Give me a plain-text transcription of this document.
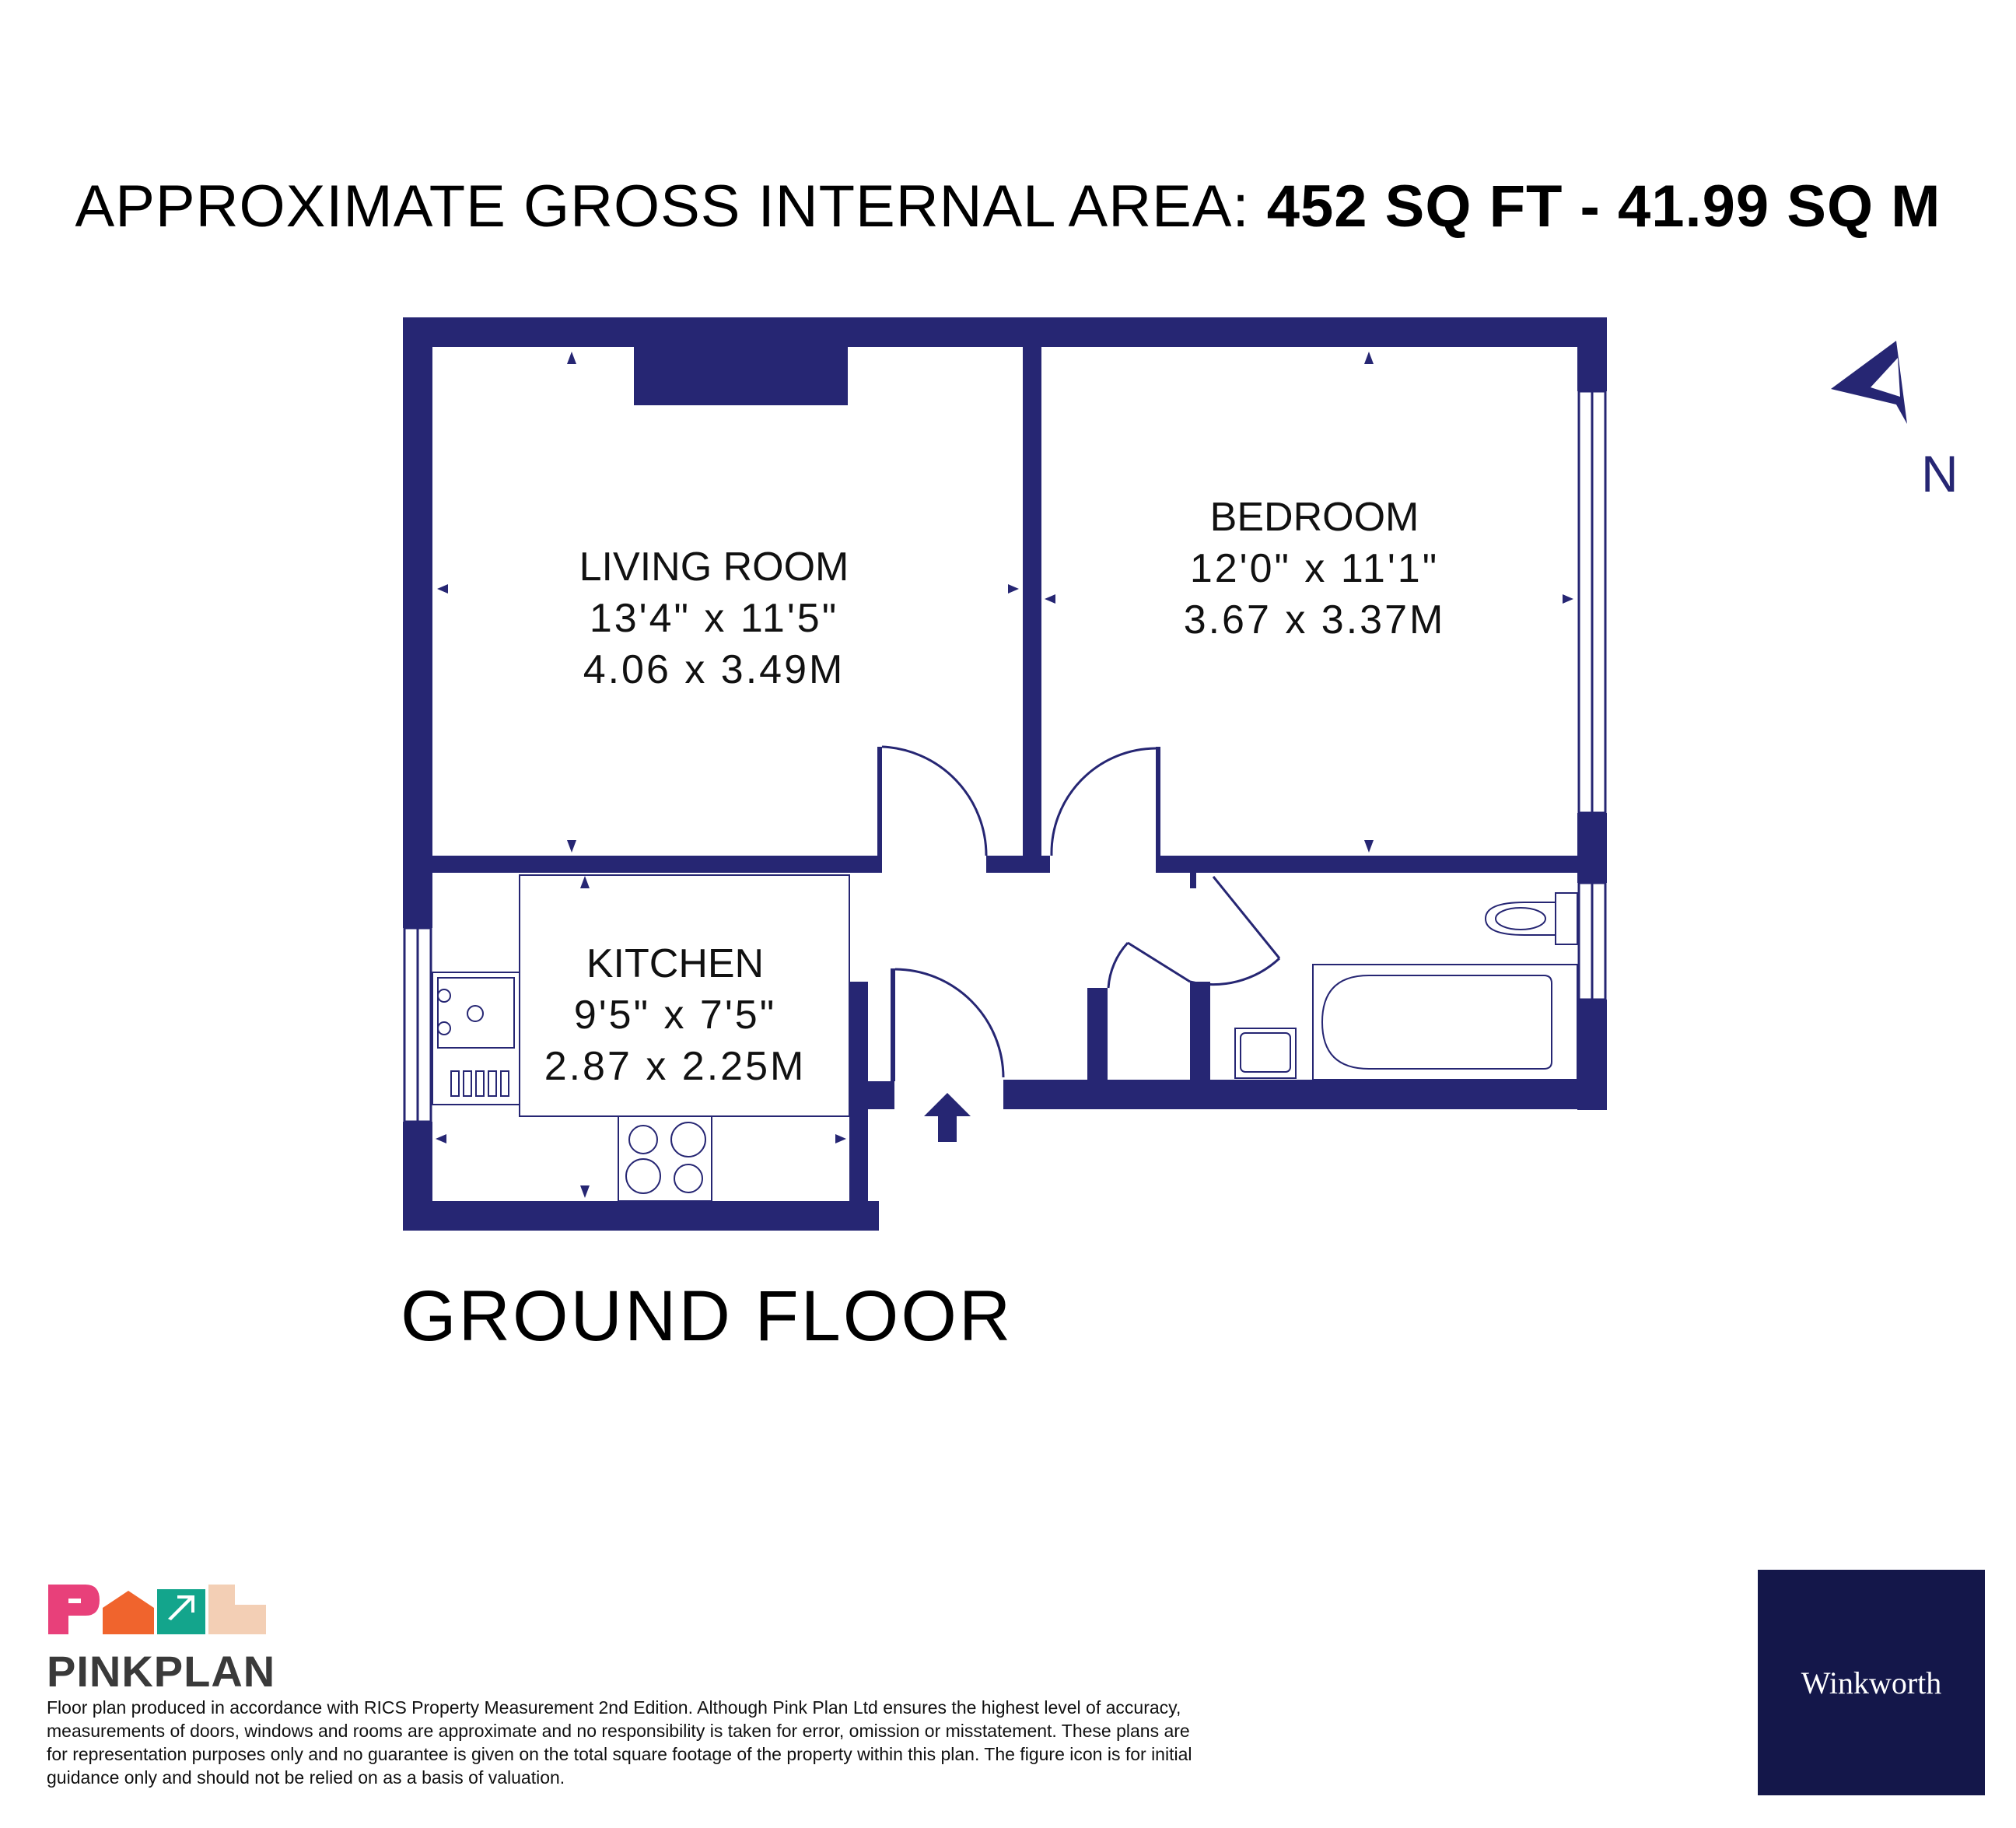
APPROXIMATE GROSS INTERNAL AREA: 452 SQ FT - 41.99 SQ M
N
LIVING ROOM
13'4" x 11'5"
4.06 x 3.49M
BEDROOM
12'0" x 11'1"
3.67 x 3.37M
KITCHEN
9'5" x 7'5"
2.87 x 2.25M
GROUND FLOOR
PINKPLAN
Floor plan produced in accordance with RICS Property Measurement 2nd Edition. Although Pink Plan Ltd ensures the highest level of accuracy, measurements of doors, windows and rooms are approximate and no responsibility is taken for error, omission or misstatement. These plans are for representation purposes only and no guarantee is given on the total square footage of the property within this plan. The figure icon is for initial guidance only and should not be relied on as a basis of valuation.
Winkworth
